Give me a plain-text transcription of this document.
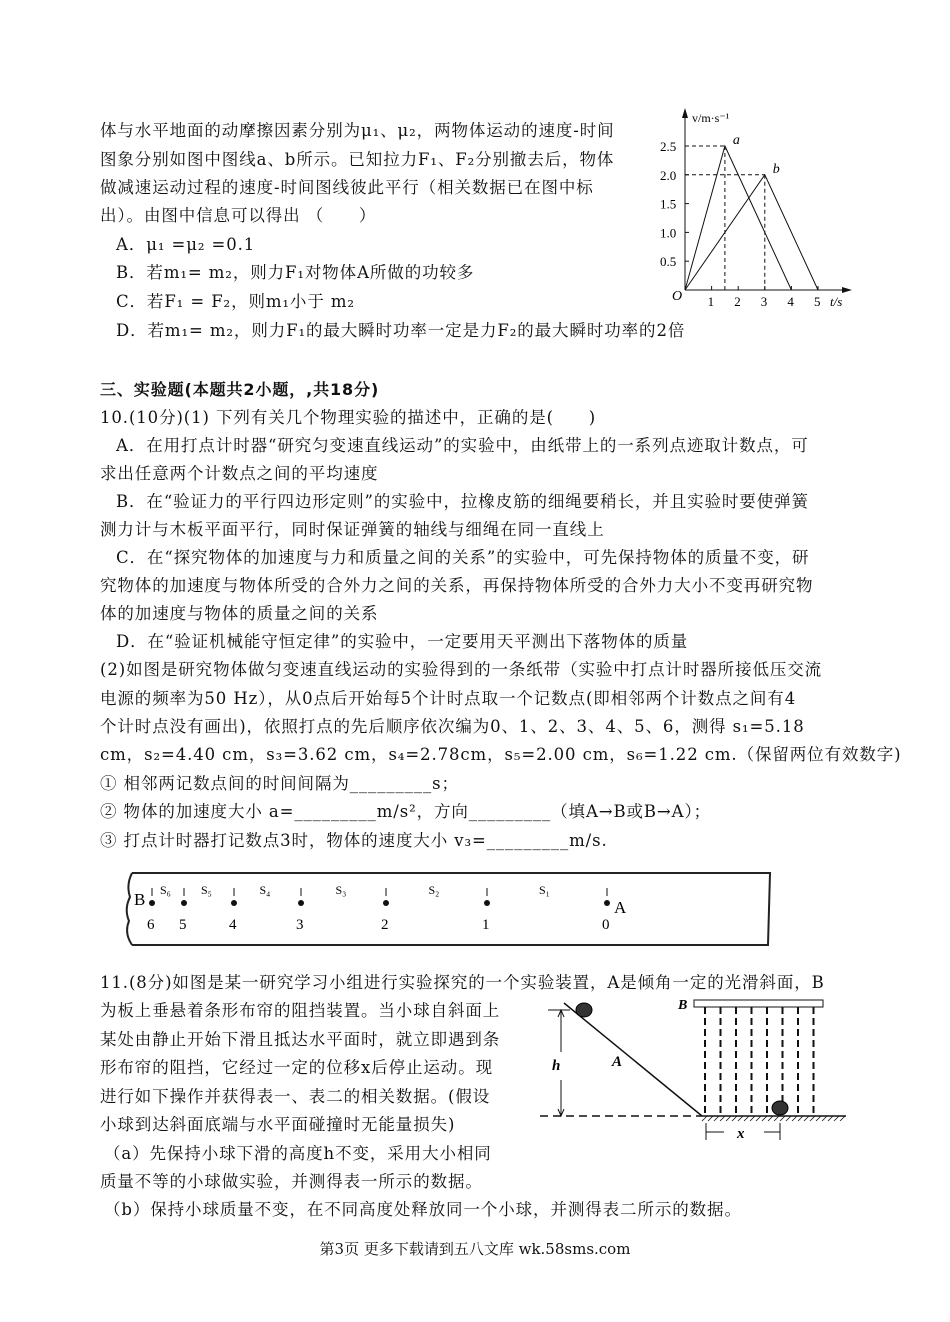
体与水平地面的动摩擦因素分别为μ₁、μ₂，两物体运动的速度-时间
图象分别如图中图线a、b所示。已知拉力F₁、F₂分别撤去后，物体
做减速运动过程的速度-时间图线彼此平行（相关数据已在图中标
出）。由图中信息可以得出 （　　）
A．μ₁ =μ₂ =0.1
B．若m₁= m₂，则力F₁对物体A所做的功较多
C．若F₁ = F₂，则m₁小于 m₂
D．若m₁= m₂，则力F₁的最大瞬时功率一定是力F₂的最大瞬时功率的2倍
1 2 3 4 5
0.5
1.0
1.5
2.0
2.5
O	t/s
v/m·s⁻¹
a
b
三、实验题(本题共2小题，,共18分)
10.(10分)(1) 下列有关几个物理实验的描述中，正确的是(　　)
A．在用打点计时器“研究匀变速直线运动”的实验中，由纸带上的一系列点迹取计数点，可
求出任意两个计数点之间的平均速度
B．在“验证力的平行四边形定则”的实验中，拉橡皮筋的细绳要稍长，并且实验时要使弹簧
测力计与木板平面平行，同时保证弹簧的轴线与细绳在同一直线上
C．在“探究物体的加速度与力和质量之间的关系”的实验中，可先保持物体的质量不变，研
究物体的加速度与物体所受的合外力之间的关系，再保持物体所受的合外力大小不变再研究物
体的加速度与物体的质量之间的关系
D．在“验证机械能守恒定律”的实验中，一定要用天平测出下落物体的质量
(2)如图是研究物体做匀变速直线运动的实验得到的一条纸带（实验中打点计时器所接低压交流
电源的频率为50 Hz），从0点后开始每5个计时点取一个记数点(即相邻两个计数点之间有4
个计时点没有画出)，依照打点的先后顺序依次编为0、1、2、3、4、5、6，测得 s₁=5.18
cm，s₂=4.40 cm，s₃=3.62 cm，s₄=2.78cm，s₅=2.00 cm，s₆=1.22 cm.（保留两位有效数字)
① 相邻两记数点间的时间间隔为_________s；
② 物体的加速度大小 a=_________m/s²，方向_________（填A→B或B→A）；
③ 打点计时器打记数点3时，物体的速度大小 v₃=_________m/s.
6 5	4	3	2	1	0
S₆	S₅	S₄	S₃	S₂	S₁
B	A
11.(8分)如图是某一研究学习小组进行实验探究的一个实验装置，A是倾角一定的光滑斜面，B
为板上垂悬着条形布帘的阻挡装置。当小球自斜面上
某处由静止开始下滑且抵达水平面时，就立即遇到条
形布帘的阻挡，它经过一定的位移x后停止运动。现
进行如下操作并获得表一、表二的相关数据。(假设
小球到达斜面底端与水平面碰撞时无能量损失)
（a）先保持小球下滑的高度h不变，采用大小相同
质量不等的小球做实验，并测得表一所示的数据。
（b）保持小球质量不变，在不同高度处释放同一个小球，并测得表二所示的数据。
h	A
B
x
第3页 更多下载请到五八文库 wk.58sms.com
